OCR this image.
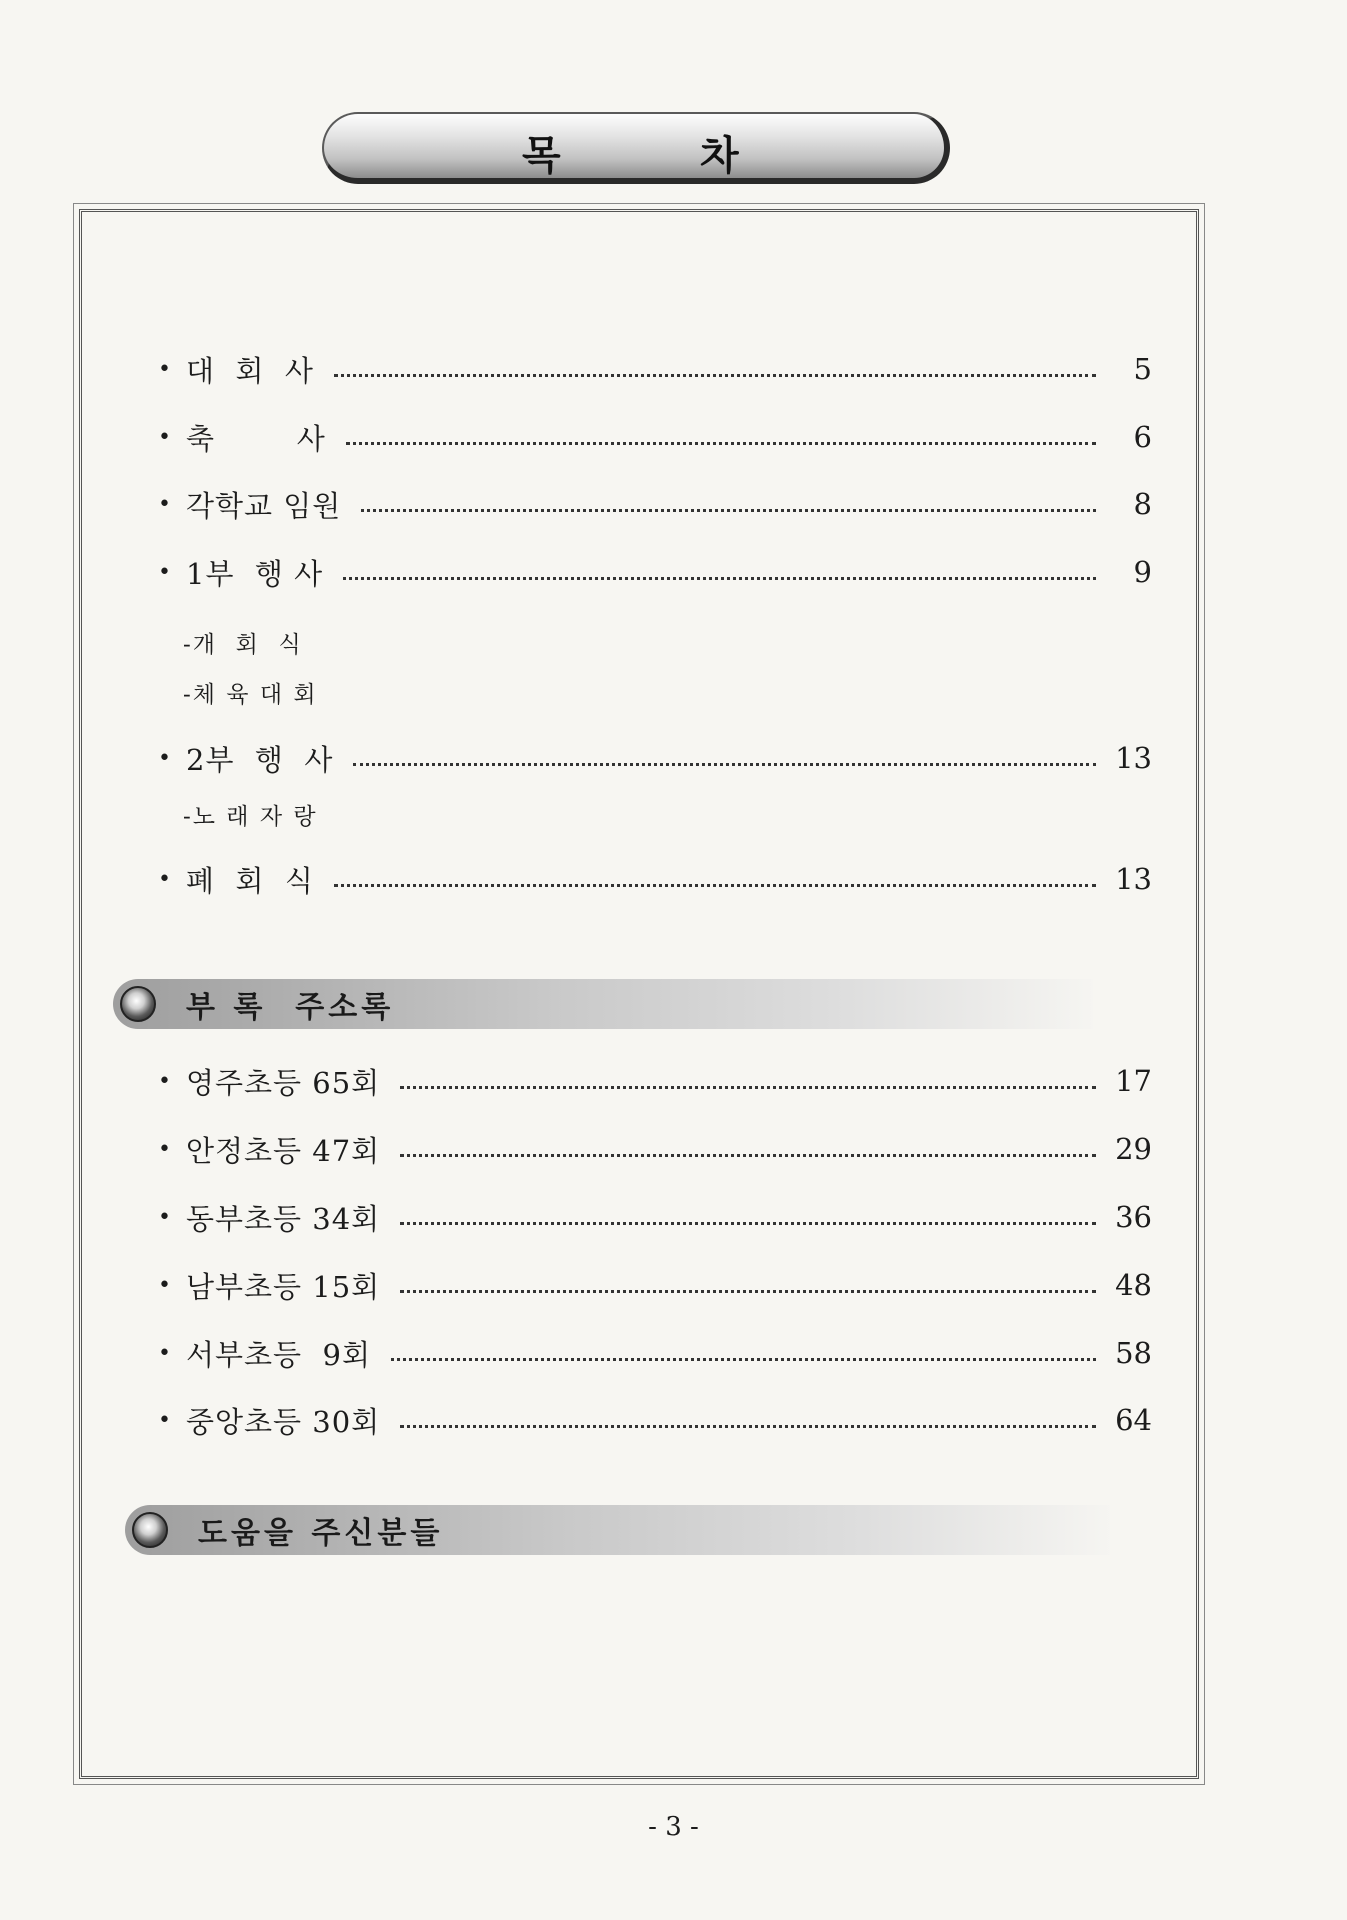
목	차
• 대  회  사	5
• 축        사	6
• 각학교 임원	8
• 1부  행 사	9
-개  회  식
-체 육 대 회
• 2부  행  사	13
-노 래 자 랑
• 폐  회  식	13
부 록  주소록
• 영주초등 65회	17
• 안정초등 47회	29
• 동부초등 34회	36
• 남부초등 15회	48
• 서부초등  9회	58
• 중앙초등 30회	64
도움을 주신분들
- 3 -
